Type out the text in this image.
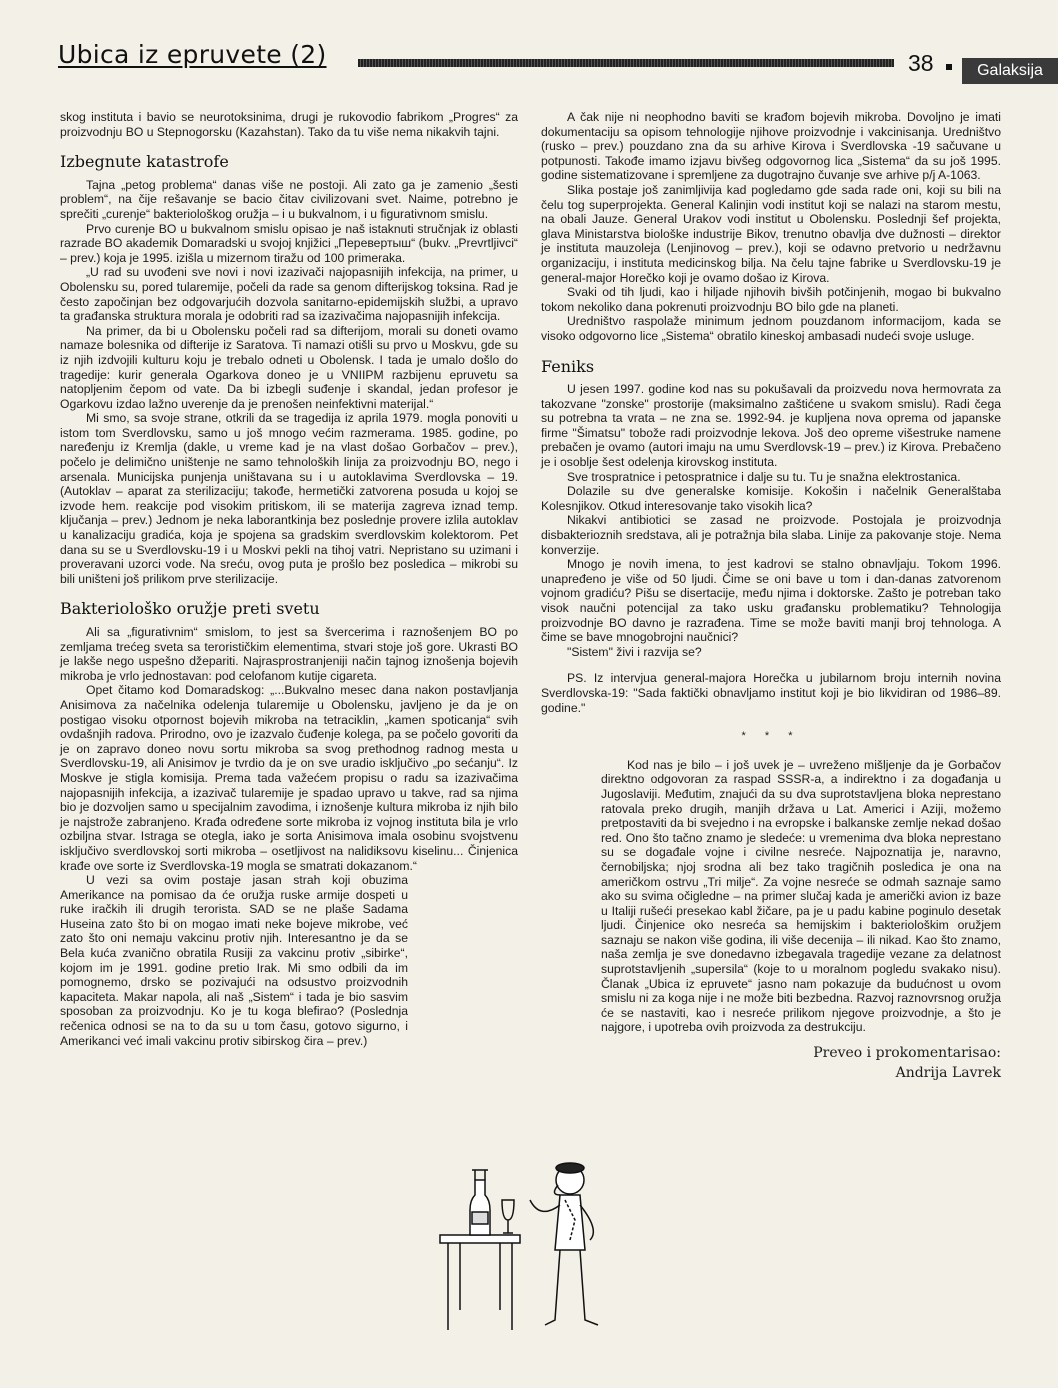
Ubica iz epruvete (2)	38	Galaksija

skog instituta i bavio se neurotoksinima, drugi je rukovodio fabrikom „Progres“ za proizvodnju BO u Stepnogorsku (Kazahstan). Tako da tu više nema nikakvih tajni.

Izbegnute katastrofe

Tajna „petog problema“ danas više ne postoji. Ali zato ga je zamenio „šesti problem“, na čije rešavanje se bacio čitav civilizovani svet. Naime, potrebno je sprečiti „curenje“ bakteriološkog oružja – i u bukvalnom, i u figurativnom smislu.

Prvo curenje BO u bukvalnom smislu opisao je naš istaknuti stručnjak iz oblasti razrade BO akademik Domaradski u svojoj knjižici „Перевертыш“ (bukv. „Prevrtljivci“ – prev.) koja je 1995. izišla u mizernom tiražu od 100 primeraka.

„U rad su uvođeni sve novi i novi izazivači najopasnijih infekcija, na primer, u Obolensku su, pored tularemije, počeli da rade sa genom difterijskog toksina. Rad je često započinjan bez odgovarjućih dozvola sanitarno-epidemijskih službi, a upravo ta građanska struktura morala je odobriti rad sa izazivačima najopasnijih infekcija.

Na primer, da bi u Obolensku počeli rad sa difterijom, morali su doneti ovamo namaze bolesnika od difterije iz Saratova. Ti namazi otišli su prvo u Moskvu, gde su iz njih izdvojili kulturu koju je trebalo odneti u Obolensk. I tada je umalo došlo do tragedije: kurir generala Ogarkova doneo je u VNIIPM razbijenu epruvetu sa natopljenim čepom od vate. Da bi izbegli suđenje i skandal, jedan profesor je Ogarkovu izdao lažno uverenje da je prenošen neinfektivni materijal.“

Mi smo, sa svoje strane, otkrili da se tragedija iz aprila 1979. mogla ponoviti u istom tom Sverdlovsku, samo u još mnogo većim razmerama. 1985. godine, po naređenju iz Kremlja (dakle, u vreme kad je na vlast došao Gorbačov – prev.), počelo je delimično uništenje ne samo tehnoloških linija za proizvodnju BO, nego i arsenala. Municijska punjenja uništavana su i u autoklavima Sverdlovska – 19. (Autoklav – aparat za sterilizaciju; takođe, hermetički zatvorena posuda u kojoj se izvode hem. reakcije pod visokim pritiskom, ili se materija zagreva iznad temp. ključanja – prev.) Jednom je neka laborantkinja bez poslednje provere izlila autoklav u kanalizaciju gradića, koja je spojena sa gradskim sverdlovskim kolektorom. Pet dana su se u Sverdlovsku-19 i u Moskvi pekli na tihoj vatri. Nepristano su uzimani i proveravani uzorci vode. Na sreću, ovog puta je prošlo bez posledica – mikrobi su bili uništeni još prilikom prve sterilizacije.

Bakteriološko oružje preti svetu

Ali sa „figurativnim“ smislom, to jest sa švercerima i raznošenjem BO po zemljama trećeg sveta sa terorističkim elementima, stvari stoje još gore. Ukrasti BO je lakše nego uspešno džepariti. Najrasprostranjeniji način tajnog iznošenja bojevih mikroba je vrlo jednostavan: pod celofanom kutije cigareta.

Opet čitamo kod Domaradskog: „...Bukvalno mesec dana nakon postavljanja Anisimova za načelnika odelenja tularemije u Obolensku, javljeno je da je on postigao visoku otpornost bojevih mikroba na tetraciklin, „kamen spoticanja“ svih ovdašnjih radova. Prirodno, ovo je izazvalo čuđenje kolega, pa se počelo govoriti da je on zapravo doneo novu sortu mikroba sa svog prethodnog radnog mesta u Sverdlovsku-19, ali Anisimov je tvrdio da je on sve uradio isključivo „po sećanju“. Iz Moskve je stigla komisija. Prema tada važećem propisu o radu sa izazivačima najopasnijih infekcija, a izazivač tularemije je spadao upravo u takve, rad sa njima bio je dozvoljen samo u specijalnim zavodima, i iznošenje kultura mikroba iz njih bilo je najstrože zabranjeno. Krađa određene sorte mikroba iz vojnog instituta bila je vrlo ozbiljna stvar. Istraga se otegla, iako je sorta Anisimova imala osobinu svojstvenu isključivo sverdlovskoj sorti mikroba – osetljivost na nalidiksovu kiselinu... Činjenica krađe ove sorte iz Sverdlovska-19 mogla se smatrati dokazanom.“

U vezi sa ovim postaje jasan strah koji obuzima Amerikance na pomisao da će oružja ruske armije dospeti u ruke iračkih ili drugih terorista. SAD se ne plaše Sadama Huseina zato što bi on mogao imati neke bojeve mikrobe, već zato što oni nemaju vakcinu protiv njih. Interesantno je da se Bela kuća zvanično obratila Rusiji za vakcinu protiv „sibirke“, kojom im je 1991. godine pretio Irak. Mi smo odbili da im pomognemo, drsko se pozivajući na odsustvo proizvodnih kapaciteta. Makar napola, ali naš „Sistem“ i tada je bio sasvim sposoban za proizvodnju. Ko je tu koga blefirao? (Poslednja rečenica odnosi se na to da su u tom času, gotovo sigurno, i Amerikanci već imali vakcinu protiv sibirskog čira – prev.)

A čak nije ni neophodno baviti se krađom bojevih mikroba. Dovoljno je imati dokumentaciju sa opisom tehnologije njihove proizvodnje i vakcinisanja. Uredništvo (rusko – prev.) pouzdano zna da su arhive Kirova i Sverdlovska -19 sačuvane u potpunosti. Takođe imamo izjavu bivšeg odgovornog lica „Sistema“ da su još 1995. godine sistematizovane i spremljene za dugotrajno čuvanje sve arhive p/j A-1063.

Slika postaje još zanimljivija kad pogledamo gde sada rade oni, koji su bili na čelu tog superprojekta. General Kalinjin vodi institut koji se nalazi na starom mestu, na obali Jauze. General Urakov vodi institut u Obolensku. Poslednji šef projekta, glava Ministarstva biološke industrije Bikov, trenutno obavlja dve dužnosti – direktor je instituta mauzoleja (Lenjinovog – prev.), koji se odavno pretvorio u nedržavnu organizaciju, i instituta medicinskog bilja. Na čelu tajne fabrike u Sverdlovsku-19 je general-major Horečko koji je ovamo došao iz Kirova.

Svaki od tih ljudi, kao i hiljade njihovih bivših potčinjenih, mogao bi bukvalno tokom nekoliko dana pokrenuti proizvodnju BO bilo gde na planeti.

Uredništvo raspolaže minimum jednom pouzdanom informacijom, kada se visoko odgovorno lice „Sistema“ obratilo kineskoj ambasadi nudeći svoje usluge.

Feniks

U jesen 1997. godine kod nas su pokušavali da proizvedu nova hermovrata za takozvane "zonske" prostorije (maksimalno zaštićene u svakom smislu). Radi čega su potrebna ta vrata – ne zna se. 1992-94. je kupljena nova oprema od japanske firme "Šimatsu" tobože radi proizvodnje lekova. Još deo opreme višestruke namene prebačen je ovamo (autori imaju na umu Sverdlovsk-19 – prev.) iz Kirova. Prebačeno je i osoblje šest odelenja kirovskog instituta.

Sve trospratnice i petospratnice i dalje su tu. Tu je snažna elektrostanica.

Dolazile su dve generalske komisije. Kokošin i načelnik Generalštaba Kolesnjikov. Otkud interesovanje tako visokih lica?

Nikakvi antibiotici se zasad ne proizvode. Postojala je proizvodnja disbakterioznih sredstava, ali je potražnja bila slaba. Linije za pakovanje stoje. Nema konverzije.

Mnogo je novih imena, to jest kadrovi se stalno obnavljaju. Tokom 1996. unapređeno je više od 50 ljudi. Čime se oni bave u tom i dan-danas zatvorenom vojnom gradiću? Pišu se disertacije, među njima i doktorske. Zašto je potreban tako visok naučni potencijal za tako usku građansku problematiku? Tehnologija proizvodnje BO davno je razrađena. Time se može baviti manji broj tehnologa. A čime se bave mnogobrojni naučnici?

"Sistem" živi i razvija se?

PS. Iz intervjua general-majora Horečka u jubilarnom broju internih novina Sverdlovska-19: "Sada faktički obnavljamo institut koji je bio likvidiran od 1986–89. godine."

* * *

Kod nas je bilo – i još uvek je – uvreženo mišljenje da je Gorbačov direktno odgovoran za raspad SSSR-a, a indirektno i za događanja u Jugoslaviji. Međutim, znajući da su dva suprotstavljena bloka neprestano ratovala preko drugih, manjih država u Lat. Americi i Aziji, možemo pretpostaviti da bi svejedno i na evropske i balkanske zemlje nekad došao red. Ono što tačno znamo je sledeće: u vremenima dva bloka neprestano su se događale vojne i civilne nesreće. Najpoznatija je, naravno, černobiljska; njoj srodna ali bez tako tragičnih posledica je ona na američkom ostrvu „Tri milje“. Za vojne nesreće se odmah saznaje samo ako su svima očigledne – na primer slučaj kada je američki avion iz baze u Italiji rušeći presekao kabl žičare, pa je u padu kabine poginulo desetak ljudi. Činjenice oko nesreća sa hemijskim i bakteriološkim oružjem saznaju se nakon više godina, ili više decenija – ili nikad. Kao što znamo, naša zemlja je sve donedavno izbegavala tragedije vezane za delatnost suprotstavljenih „supersila“ (koje to u moralnom pogledu svakako nisu). Članak „Ubica iz epruvete“ jasno nam pokazuje da budućnost u ovom smislu ni za koga nije i ne može biti bezbedna. Razvoj raznovrsnog oružja će se nastaviti, kao i nesreće prilikom njegove proizvodnje, a što je najgore, i upotreba ovih proizvoda za destrukciju.

Preveo i prokomentarisao:
Andrija Lavrek
